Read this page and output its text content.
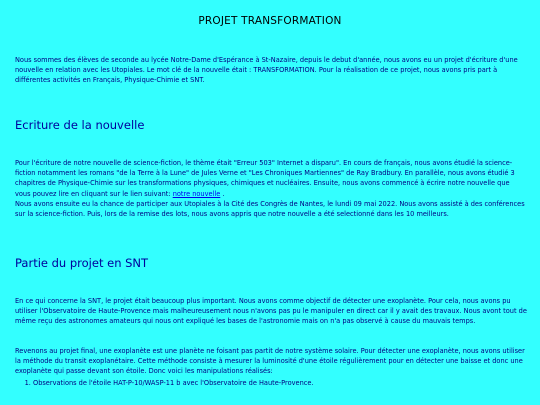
PROJET TRANSFORMATION
Nous sommes des élèves de seconde au lycée Notre-Dame d'Espérance à St-Nazaire, depuis le debut d'année, nous avons eu un projet d'écriture d'une nouvelle en relation avec les Utopiales. Le mot clé de la nouvelle était : TRANSFORMATION. Pour la réalisation de ce projet, nous avons pris part à différentes activités en Français, Physique-Chimie et SNT.
Ecriture de la nouvelle
Pour l'écriture de notre nouvelle de science-fiction, le thème était "Erreur 503" Internet a disparu". En cours de français, nous avons étudié la science-fiction notamment les romans "de la Terre à la Lune" de Jules Verne et "Les Chroniques Martiennes" de Ray Bradbury. En parallèle, nous avons étudié 3 chapitres de Physique-Chimie sur les transformations physiques, chimiques et nucléaires. Ensuite, nous avons commencé à écrire notre nouvelle que vous pouvez lire en cliquant sur le lien suivant: notre nouvelle .
Nous avons ensuite eu la chance de participer aux Utopiales à la Cité des Congrès de Nantes, le lundi 09 mai 2022. Nous avons assisté à des conférences sur la science-fiction. Puis, lors de la remise des lots, nous avons appris que notre nouvelle a été selectionné dans les 10 meilleurs.
Partie du projet en SNT
En ce qui concerne la SNT, le projet était beaucoup plus important. Nous avons comme objectif de détecter une exoplanète. Pour cela, nous avons pu utiliser l'Observatoire de Haute-Provence mais malheureusement nous n'avons pas pu le manipuler en direct car il y avait des travaux. Nous avont tout de même reçu des astronomes amateurs qui nous ont expliqué les bases de l'astronomie mais on n'a pas observé à cause du mauvais temps.
Revenons au projet final, une exoplanète est une planète ne foisant pas partit de notre système solaire. Pour détecter une exoplanète, nous avons utiliser la méthode du transit exoplanétaire. Cette méthode consiste à mesurer la luminosité d'une étoile régulièrement pour en détecter une baisse et donc une exoplanète qui passe devant son étoile. Donc voici les manipulations réalisés:
1. Observations de l'étoile HAT-P-10/WASP-11 b avec l'Observatoire de Haute-Provence.
